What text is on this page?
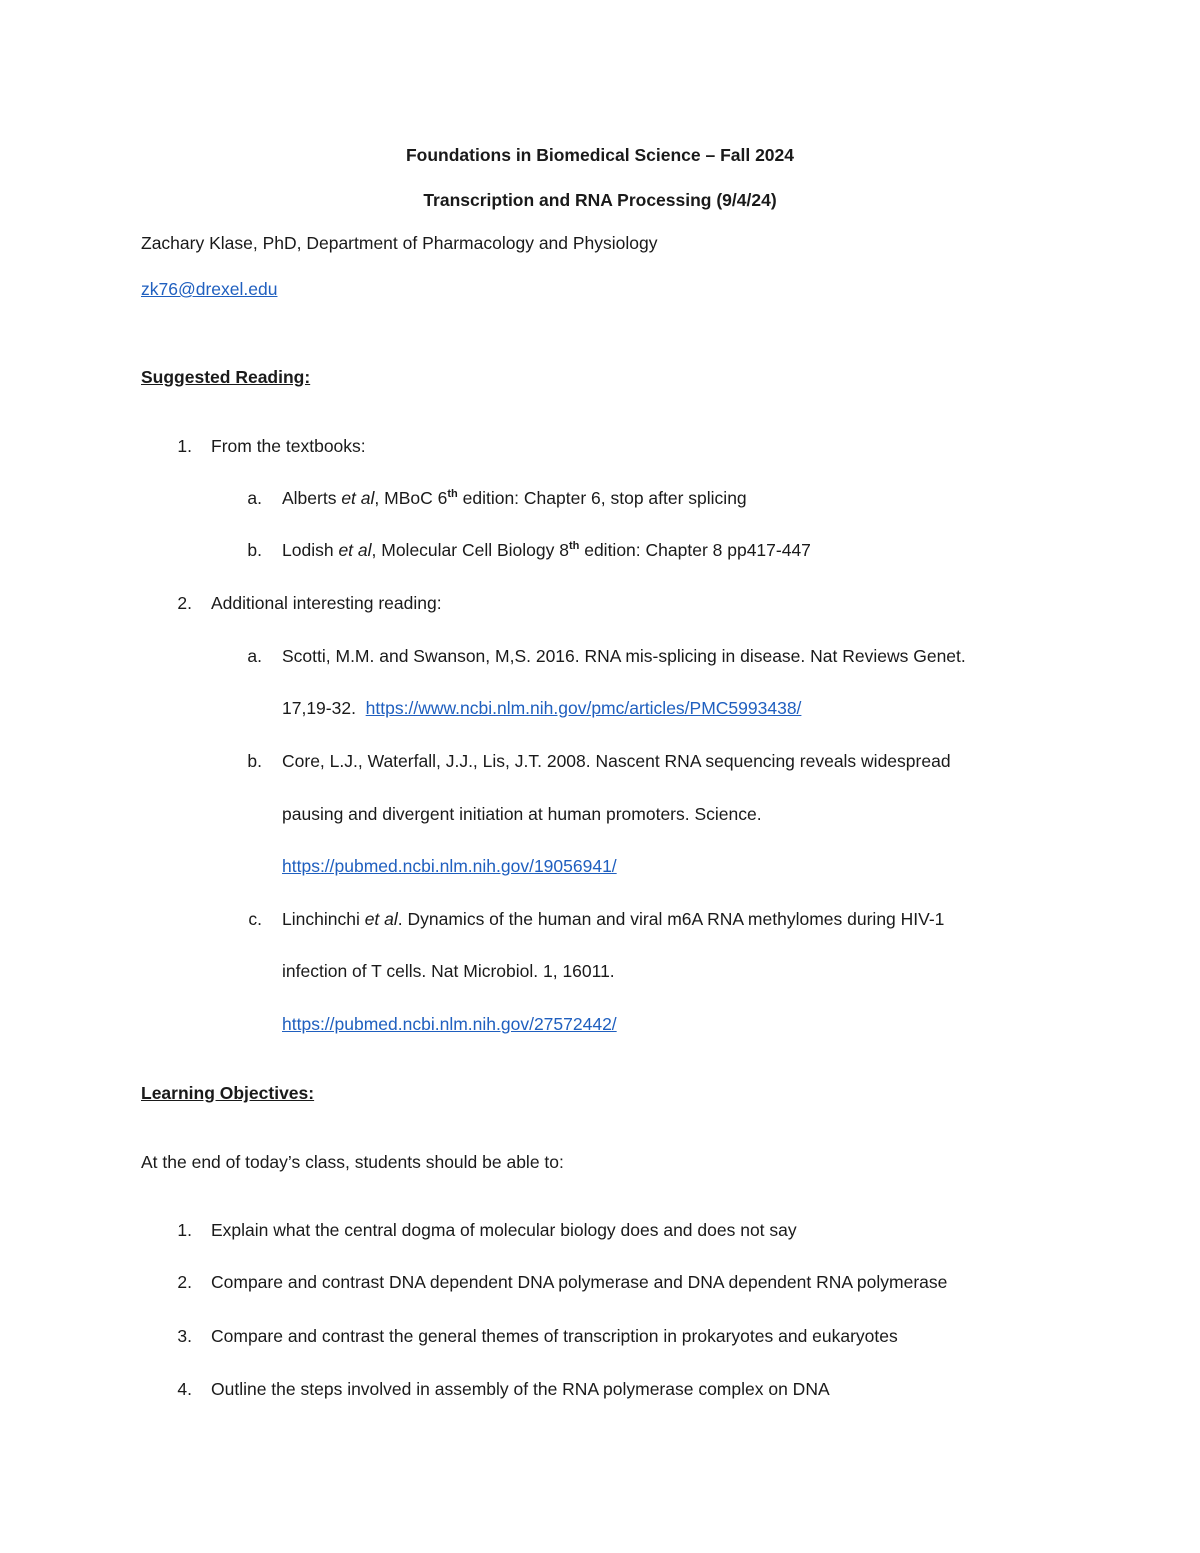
Foundations in Biomedical Science – Fall 2024
Transcription and RNA Processing (9/4/24)
Zachary Klase, PhD, Department of Pharmacology and Physiology
zk76@drexel.edu
Suggested Reading:
1. From the textbooks:
a. Alberts et al, MBoC 6th edition: Chapter 6, stop after splicing
b. Lodish et al, Molecular Cell Biology 8th edition: Chapter 8 pp417-447
2. Additional interesting reading:
a. Scotti, M.M. and Swanson, M,S. 2016. RNA mis-splicing in disease. Nat Reviews Genet.
17,19-32.  https://www.ncbi.nlm.nih.gov/pmc/articles/PMC5993438/
b. Core, L.J., Waterfall, J.J., Lis, J.T. 2008. Nascent RNA sequencing reveals widespread
pausing and divergent initiation at human promoters. Science.
https://pubmed.ncbi.nlm.nih.gov/19056941/
c. Linchinchi et al. Dynamics of the human and viral m6A RNA methylomes during HIV-1
infection of T cells. Nat Microbiol. 1, 16011.
https://pubmed.ncbi.nlm.nih.gov/27572442/
Learning Objectives:
At the end of today’s class, students should be able to:
1. Explain what the central dogma of molecular biology does and does not say
2. Compare and contrast DNA dependent DNA polymerase and DNA dependent RNA polymerase
3. Compare and contrast the general themes of transcription in prokaryotes and eukaryotes
4. Outline the steps involved in assembly of the RNA polymerase complex on DNA
